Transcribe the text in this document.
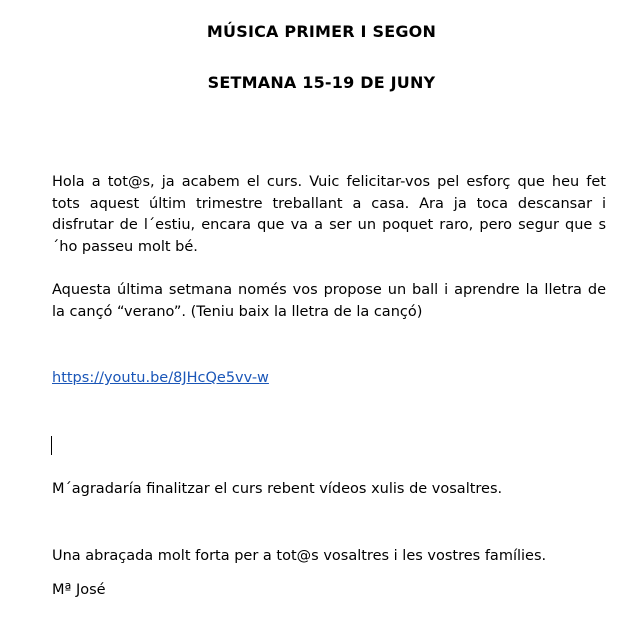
MÚSICA PRIMER I SEGON
SETMANA 15-19 DE JUNY
Hola a tot@s, ja acabem el curs. Vuic felicitar-vos pel esforç que heu fet tots aquest últim trimestre treballant a casa. Ara ja toca descansar i disfrutar de l´estiu, encara que va a ser un poquet raro, pero segur que s´ho passeu molt bé.
Aquesta última setmana només vos propose un ball i aprendre la lletra de la cançó “verano”. (Teniu baix la lletra de la cançó)
https://youtu.be/8JHcQe5vv-w
M´agradaría finalitzar el curs rebent vídeos xulis de vosaltres.
Una abraçada molt forta per a tot@s vosaltres i les vostres famílies.
Mª José
